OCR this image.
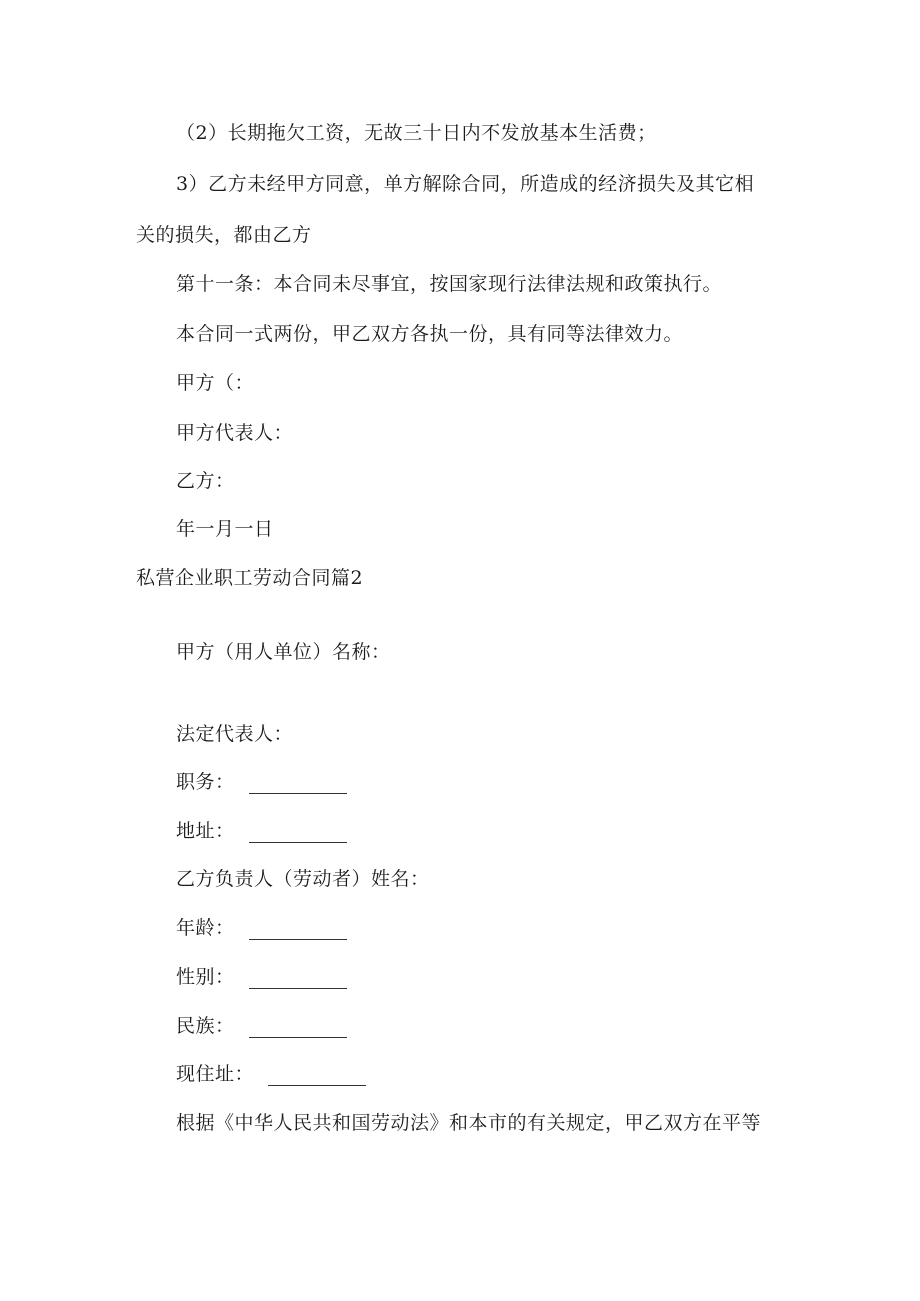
（2）长期拖欠工资，无故三十日内不发放基本生活费；
3）乙方未经甲方同意，单方解除合同，所造成的经济损失及其它相
关的损失，都由乙方
第十一条：本合同未尽事宜，按国家现行法律法规和政策执行。
本合同一式两份，甲乙双方各执一份，具有同等法律效力。
甲方（：
甲方代表人：
乙方：
年一月一日
私营企业职工劳动合同篇2
甲方（用人单位）名称：
法定代表人：
职务：
地址：
乙方负责人（劳动者）姓名：
年龄：
性别：
民族：
现住址：
根据《中华人民共和国劳动法》和本市的有关规定，甲乙双方在平等
